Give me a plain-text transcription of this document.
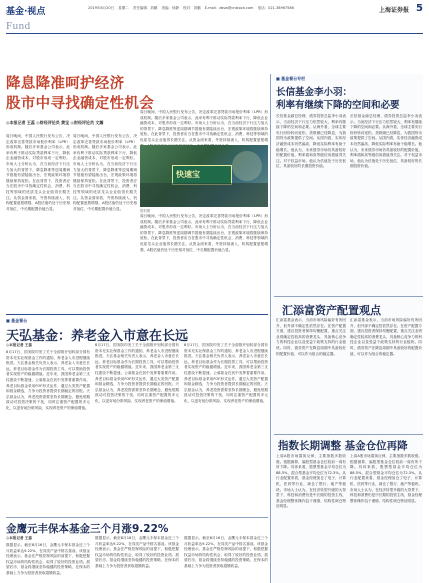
基金·视点	2019年8月20日 星期二 责任编辑：刘鹏 美编：何静 校对：刘鹏 E-mail：zbsw@cnstock.com 电话：021-38967586	上海证券报 5
Fund
降息降准呵护经济
股市中寻找确定性机会
◎本报记者 王蕊 ◎财经评论员 黄宝 ◎财经评论员 文瀚
周日晚间，中国人民银行发布公告，决定改革完善贷款市场报价利率（LPR）形成机制。随后多家基金公司表示，此举有利于推动实际贷款利率下行，降低企业融资成本，对股市形成一定利好。市场人士分析认为，在当前经济下行压力加大的背景下，降息降准等逆周期调节措施有望陆续出台，宏观政策环境将继续保持宽松。在此背景下，投资者应当在股市中寻找确定性机会，消费、科技等领域的优质龙头企业值得长期关注。从资金面来看，外资持续流入，机构配置意愿增强，A股估值仍处于历史相对低位，中长期配置价值凸显。
周日晚间，中国人民银行发布公告，决定改革完善贷款市场报价利率（LPR）形成机制。随后多家基金公司表示，此举有利于推动实际贷款利率下行，降低企业融资成本，对股市形成一定利好。市场人士分析认为，在当前经济下行压力加大的背景下，降息降准等逆周期调节措施有望陆续出台，宏观政策环境将继续保持宽松。在此背景下，投资者应当在股市中寻找确定性机会，消费、科技等领域的优质龙头企业值得长期关注。从资金面来看，外资持续流入，机构配置意愿增强，A股估值仍处于历史相对低位，中长期配置价值凸显。
周日晚间，中国人民银行发布公告，决定改革完善贷款市场报价利率（LPR）形成机制。随后多家基金公司表示，此举有利于推动实际贷款利率下行，降低企业融资成本，对股市形成一定利好。市场人士分析认为，在当前经济下行压力加大的背景下，降息降准等逆周期调节措施有望陆续出台，宏观政策环境将继续保持宽松。在此背景下，投资者应当在股市中寻找确定性机会，消费、科技等领域的优质龙头企业值得长期关注。从资金面来看，外资持续流入，机构配置意愿增
快速宝
资料图
周日晚间，中国人民银行发布公告，决定改革完善贷款市场报价利率（LPR）形成机制。随后多家基金公司表示，此举有利于推动实际贷款利率下行，降低企业融资成本，对股市形成一定利好。市场人士分析认为，在当前经济下行压力加大的背景下，降息降准等逆周期调节措施有望陆续出台，宏观政策环境将继续保持宽松。在此背景下，投资者应当在股市中寻找确定性机会，消费、科技等领域的优质龙头企业值得长期关注。从资金面来看，外资持续流入，机构配置意愿增强，A股估值仍处于历史相对低位，中长期配置价值凸显。
■ 基金看台
天弘基金：养老金入市意在长远
◎本报记者 王蕊
8月17日，国务院印发了关于全面推开划转部分国有资本充实社保基金工作的通知，养老金入市进程继续推进。天弘基金相关负责人表示，养老金入市意在长远，养老目标基金作为长期投资工具，可以帮助投资者实现资产的稳健增值。近年来，我国养老金第三支柱建设不断提速，公募基金在其中发挥着重要作用。养老目标基金采用FOF形式运作，通过大类资产配置和基金精选，力争为投资者提供长期稳定的回报。天弘基金认为，养老投资需要坚持长期理念，避免短期波动对投资决策的干扰，同时注重资产配置的多元化，以更好地分散风险，实现养老资产的保值增值。
8月17日，国务院印发了关于全面推开划转部分国有资本充实社保基金工作的通知，养老金入市进程继续推进。天弘基金相关负责人表示，养老金入市意在长远，养老目标基金作为长期投资工具，可以帮助投资者实现资产的稳健增值。近年来，我国养老金第三支柱建设不断提速，公募基金在其中发挥着重要作用。养老目标基金采用FOF形式运作，通过大类资产配置和基金精选，力争为投资者提供长期稳定的回报。天弘基金认为，养老投资需要坚持长期理念，避免短期波动对投资决策的干扰，同时注重资产配置的多元化，以更好地分散风险，实现养老资产的保值增值。
8月17日，国务院印发了关于全面推开划转部分国有资本充实社保基金工作的通知，养老金入市进程继续推进。天弘基金相关负责人表示，养老金入市意在长远，养老目标基金作为长期投资工具，可以帮助投资者实现资产的稳健增值。近年来，我国养老金第三支柱建设不断提速，公募基金在其中发挥着重要作用。养老目标基金采用FOF形式运作，通过大类资产配置和基金精选，力争为投资者提供长期稳定的回报。天弘基金认为，养老投资需要坚持长期理念，避免短期波动对投资决策的干扰，同时注重资产配置的多元化，以更好地分散风险，实现养老资产的保值增值。
金鹰元丰保本基金三个月涨9.22%
◎本报记者 王蕊
数据显示，截至8月16日，金鹰元丰保本基金近三个月收益率达9.22%，在同类产品中排名靠前。该基金经理表示，基金在严格控制风险的前提下，积极把握权益市场的结构性机会，取得了较好的投资业绩。展望后市，基金将继续坚持稳健的投资策略，在保本的基础上力争为投资者获取超额收益。
数据显示，截至8月16日，金鹰元丰保本基金近三个月收益率达9.22%，在同类产品中排名靠前。该基金经理表示，基金在严格控制风险的前提下，积极把握权益市场的结构性机会，取得了较好的投资业绩。展望后市，基金将继续坚持稳健的投资策略，在保本的基础上力争为投资者获取超额收益。
数据显示，截至8月16日，金鹰元丰保本基金近三个月收益率达9.22%，在同类产品中排名靠前。该基金经理表示，基金在严格控制风险的前提下，积极把握权益市场的结构性机会，取得了较好的投资业绩。展望后市，基金将继续坚持稳健的投资策略，在保本的基础上力争为投资者获取超额收益。
■ 基金看台专栏
长信基金李小羽：
利率有继续下降的空间和必要
长信基金副总经理、债券投资总监李小羽表示，当前经济下行压力依然较大，利率有继续下降的空间和必要。从海外看，全球主要央行纷纷转向宽松，美联储已经降息，为我国货币政策提供了空间。从国内看，实体经济融资成本仍然偏高，降低实际利率有助于稳增长。他认为，未来债券市场仍具备较好的配置价值，利率债和高等级信用债值得关注。对于权益市场，他认为估值处于历史低位，具备较好的长期投资价值。
长信基金副总经理、债券投资总监李小羽表示，当前经济下行压力依然较大，利率有继续下降的空间和必要。从海外看，全球主要央行纷纷转向宽松，美联储已经降息，为我国货币政策提供了空间。从国内看，实体经济融资成本仍然偏高，降低实际利率有助于稳增长。他认为，未来债券市场仍具备较好的配置价值，利率债和高等级信用债值得关注。对于权益市场，他认为估值处于历史低位，具备较好的长期投资价值。
汇添富资产配置观点
汇添富基金表示，当前市场风险偏好有所回升，但外部不确定性依然存在。在资产配置方面，建议投资者保持均衡配置，重点关注业绩确定性较高的消费龙头、具备核心竞争力的科技企业以及受益于政策支持的行业板块。同时，债券资产在降息周期中具备较好的配置价值，可以作为组合的稳定器。
汇添富基金表示，当前市场风险偏好有所回升，但外部不确定性依然存在。在资产配置方面，建议投资者保持均衡配置，重点关注业绩确定性较高的消费龙头、具备核心竞争力的科技企业以及受益于政策支持的行业板块。同时，债券资产在降息周期中具备较好的配置价值，可以作为组合的稳定器。
指数长期调整 基金仓位再降
上周A股市场震荡反弹，主要指数多数收涨。根据测算，偏股型基金仓位较前一周有所下降。具体来看，股票型基金平均仓位为88.5%，混合型基金平均仓位为72.3%。从行业配置来看，基金经理加仓了电子、计算机、医药等行业，减仓了银行、地产等板块。市场人士认为，在经济转型升级的大背景下，科技和消费仍是中长期的投资主线，基金经理整体操作趋于谨慎，结构性调仓特征明显。
上周A股市场震荡反弹，主要指数多数收涨。根据测算，偏股型基金仓位较前一周有所下降。具体来看，股票型基金平均仓位为88.5%，混合型基金平均仓位为72.3%。从行业配置来看，基金经理加仓了电子、计算机、医药等行业，减仓了银行、地产等板块。市场人士认为，在经济转型升级的大背景下，科技和消费仍是中长期的投资主线，基金经理整体操作趋于谨慎，结构性调仓特征明显。
